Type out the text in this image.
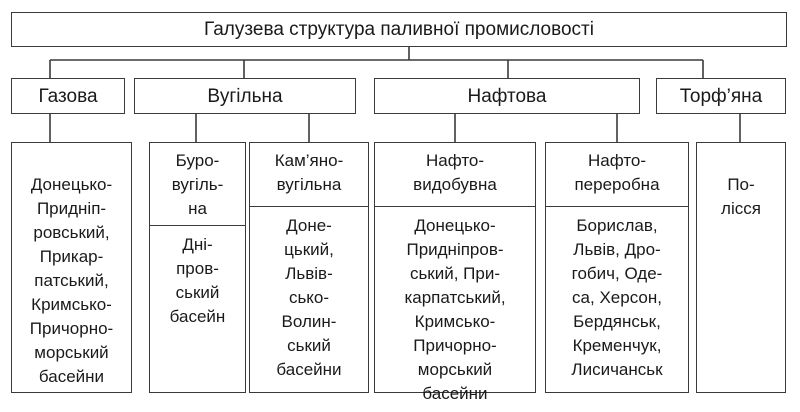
Галузева структура паливної промисловості
Газова	Вугільна	Нафтова	Торф’яна

Донецько-
Придніп-
ровський,
Прикар-
патський,
Кримсько-
Причорно-
морський
басейни

Буро-
вугіль-
на
Дні-
пров-
ський
басейн
Кам’яно-
вугільна
Доне-
цький,
Львів-
сько-
Волин-
ський
басейни
Нафто-
видобувна
Донецько-
Придніпров-
ський, При-
карпатський,
Кримсько-
Причорно-
морський
басейни
Нафто-
переробна
Борислав,
Львів, Дро-
гобич, Оде-
са, Херсон,
Бердянськ,
Кременчук,
Лисичанськ

По-
лісся
